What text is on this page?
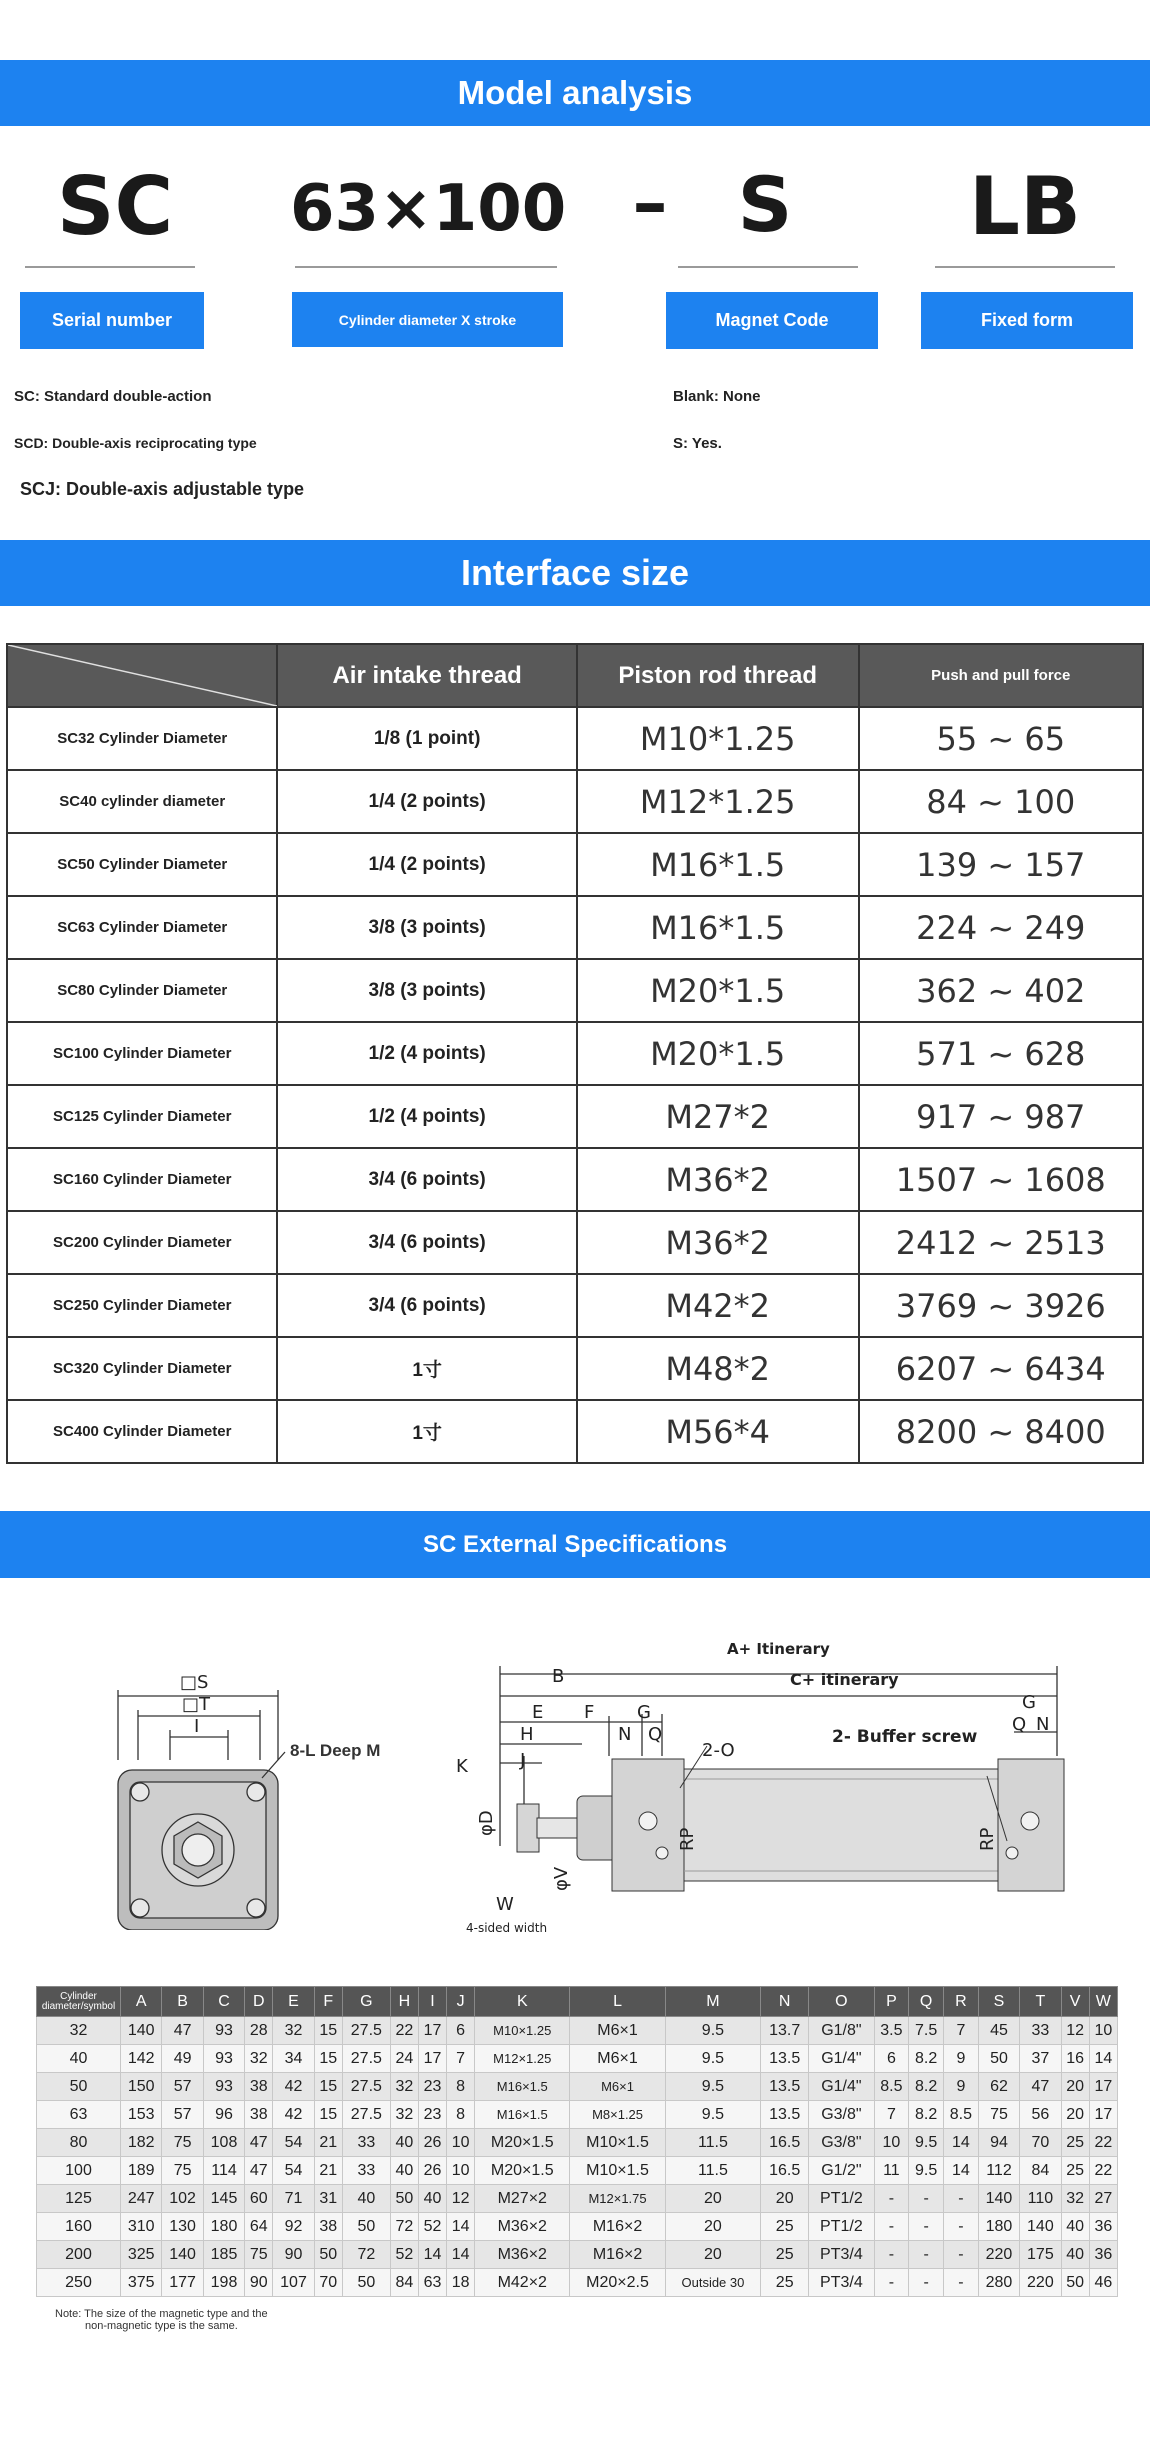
Model analysis
SC 63×100 – S	LB
Serial number	Cylinder diameter X stroke	Magnet Code	Fixed form
SC: Standard double-action
SCD: Double-axis reciprocating type
SCJ: Double-axis adjustable type
Blank: None
S: Yes.
Interface size
	Air intake thread	Piston rod thread	Push and pull force
SC32 Cylinder Diameter	1/8 (1 point)	M10*1.25	55 ~ 65
SC40 cylinder diameter	1/4 (2 points)	M12*1.25	84 ~ 100
SC50 Cylinder Diameter	1/4 (2 points)	M16*1.5	139 ~ 157
SC63 Cylinder Diameter	3/8 (3 points)	M16*1.5	224 ~ 249
SC80 Cylinder Diameter	3/8 (3 points)	M20*1.5	362 ~ 402
SC100 Cylinder Diameter	1/2 (4 points)	M20*1.5	571 ~ 628
SC125 Cylinder Diameter	1/2 (4 points)	M27*2	917 ~ 987
SC160 Cylinder Diameter	3/4 (6 points)	M36*2	1507 ~ 1608
SC200 Cylinder Diameter	3/4 (6 points)	M36*2	2412 ~ 2513
SC250 Cylinder Diameter	3/4 (6 points)	M42*2	3769 ~ 3926
SC320 Cylinder Diameter	1寸	M48*2	6207 ~ 6434
SC400 Cylinder Diameter	1寸	M56*4	8200 ~ 8400
SC External Specifications
□S
□T
I
8-L Deep M
A+ Itinerary
C+ itinerary
B
E F G
H	N Q
J
K
2-O
2- Buffer screw
G
Q N
φD
φV
RP	RP
W
4-sided width
Cylinder diameter/symbol	A	B	C	D	E	F	G	H	I	J	K	L	M	N	O	P	Q	R	S	T	V	W
32	140	47	93	28	32	15	27.5	22	17	6	M10×1.25	M6×1	9.5	13.7	G1/8"	3.5	7.5	7	45	33	12	10
40	142	49	93	32	34	15	27.5	24	17	7	M12×1.25	M6×1	9.5	13.5	G1/4"	6	8.2	9	50	37	16	14
50	150	57	93	38	42	15	27.5	32	23	8	M16×1.5	M6×1	9.5	13.5	G1/4"	8.5	8.2	9	62	47	20	17
63	153	57	96	38	42	15	27.5	32	23	8	M16×1.5	M8×1.25	9.5	13.5	G3/8"	7	8.2	8.5	75	56	20	17
80	182	75	108	47	54	21	33	40	26	10	M20×1.5	M10×1.5	11.5	16.5	G3/8"	10	9.5	14	94	70	25	22
100	189	75	114	47	54	21	33	40	26	10	M20×1.5	M10×1.5	11.5	16.5	G1/2"	11	9.5	14	112	84	25	22
125	247	102	145	60	71	31	40	50	40	12	M27×2	M12×1.75	20	20	PT1/2	-	-	-	140	110	32	27
160	310	130	180	64	92	38	50	72	52	14	M36×2	M16×2	20	25	PT1/2	-	-	-	180	140	40	36
200	325	140	185	75	90	50	72	52	14	14	M36×2	M16×2	20	25	PT3/4	-	-	-	220	175	40	36
250	375	177	198	90	107	70	50	84	63	18	M42×2	M20×2.5	Outside 30	25	PT3/4	-	-	-	280	220	50	46
Note: The size of the magnetic type and the
non-magnetic type is the same.
